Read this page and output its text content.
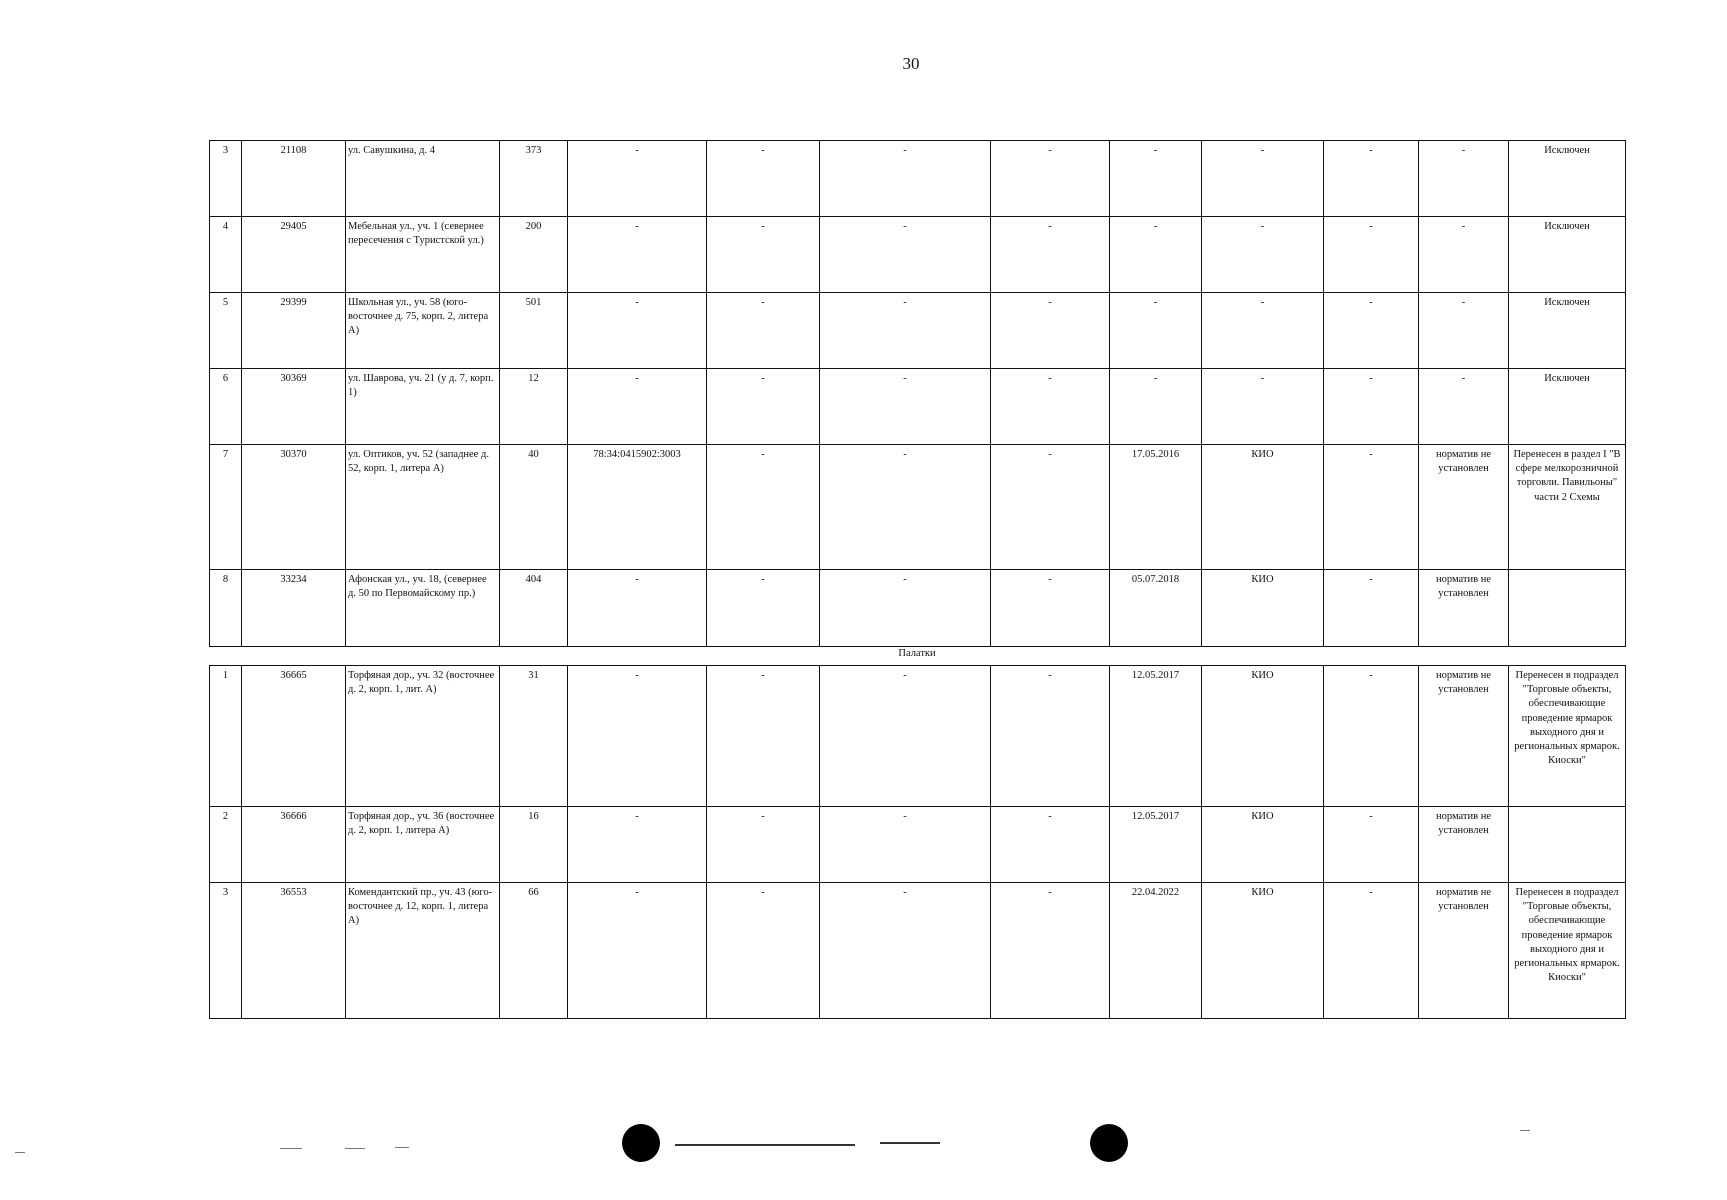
30
3	21108	ул. Савушкина, д. 4	373	-	-	-	-	-	-	-	-	Исключен
4	29405	Мебельная ул., уч. 1 (севернее пересечения с Туристской ул.)	200	-	-	-	-	-	-	-	-	Исключен
5	29399	Школьная ул., уч. 58 (юго-восточнее д. 75, корп. 2, литера А)	501	-	-	-	-	-	-	-	-	Исключен
6	30369	ул. Шаврова, уч. 21 (у д. 7, корп. 1)	12	-	-	-	-	-	-	-	-	Исключен
7	30370	ул. Оптиков, уч. 52 (западнее д. 52, корп. 1, литера А)	40	78:34:0415902:3003	-	-	-	17.05.2016	КИО	-	норматив не установлен	Перенесен в раздел I "В сфере мелкорозничной торговли. Павильоны" части 2 Схемы
8	33234	Афонская ул., уч. 18, (севернее д. 50 по Первомайскому пр.)	404	-	-	-	-	05.07.2018	КИО	-	норматив не установлен	
Палатки
1	36665	Торфяная дор., уч. 32 (восточнее д. 2, корп. 1, лит. А)	31	-	-	-	-	12.05.2017	КИО	-	норматив не установлен	Перенесен в подраздел "Торговые объекты, обеспечивающие проведение ярмарок выходного дня и региональных ярмарок. Киоски"
2	36666	Торфяная дор., уч. 36 (восточнее д. 2, корп. 1, литера А)	16	-	-	-	-	12.05.2017	КИО	-	норматив не установлен	
3	36553	Комендантский пр., уч. 43 (юго-восточнее д. 12, корп. 1, литера А)	66	-	-	-	-	22.04.2022	КИО	-	норматив не установлен	Перенесен в подраздел "Торговые объекты, обеспечивающие проведение ярмарок выходного дня и региональных ярмарок. Киоски"
